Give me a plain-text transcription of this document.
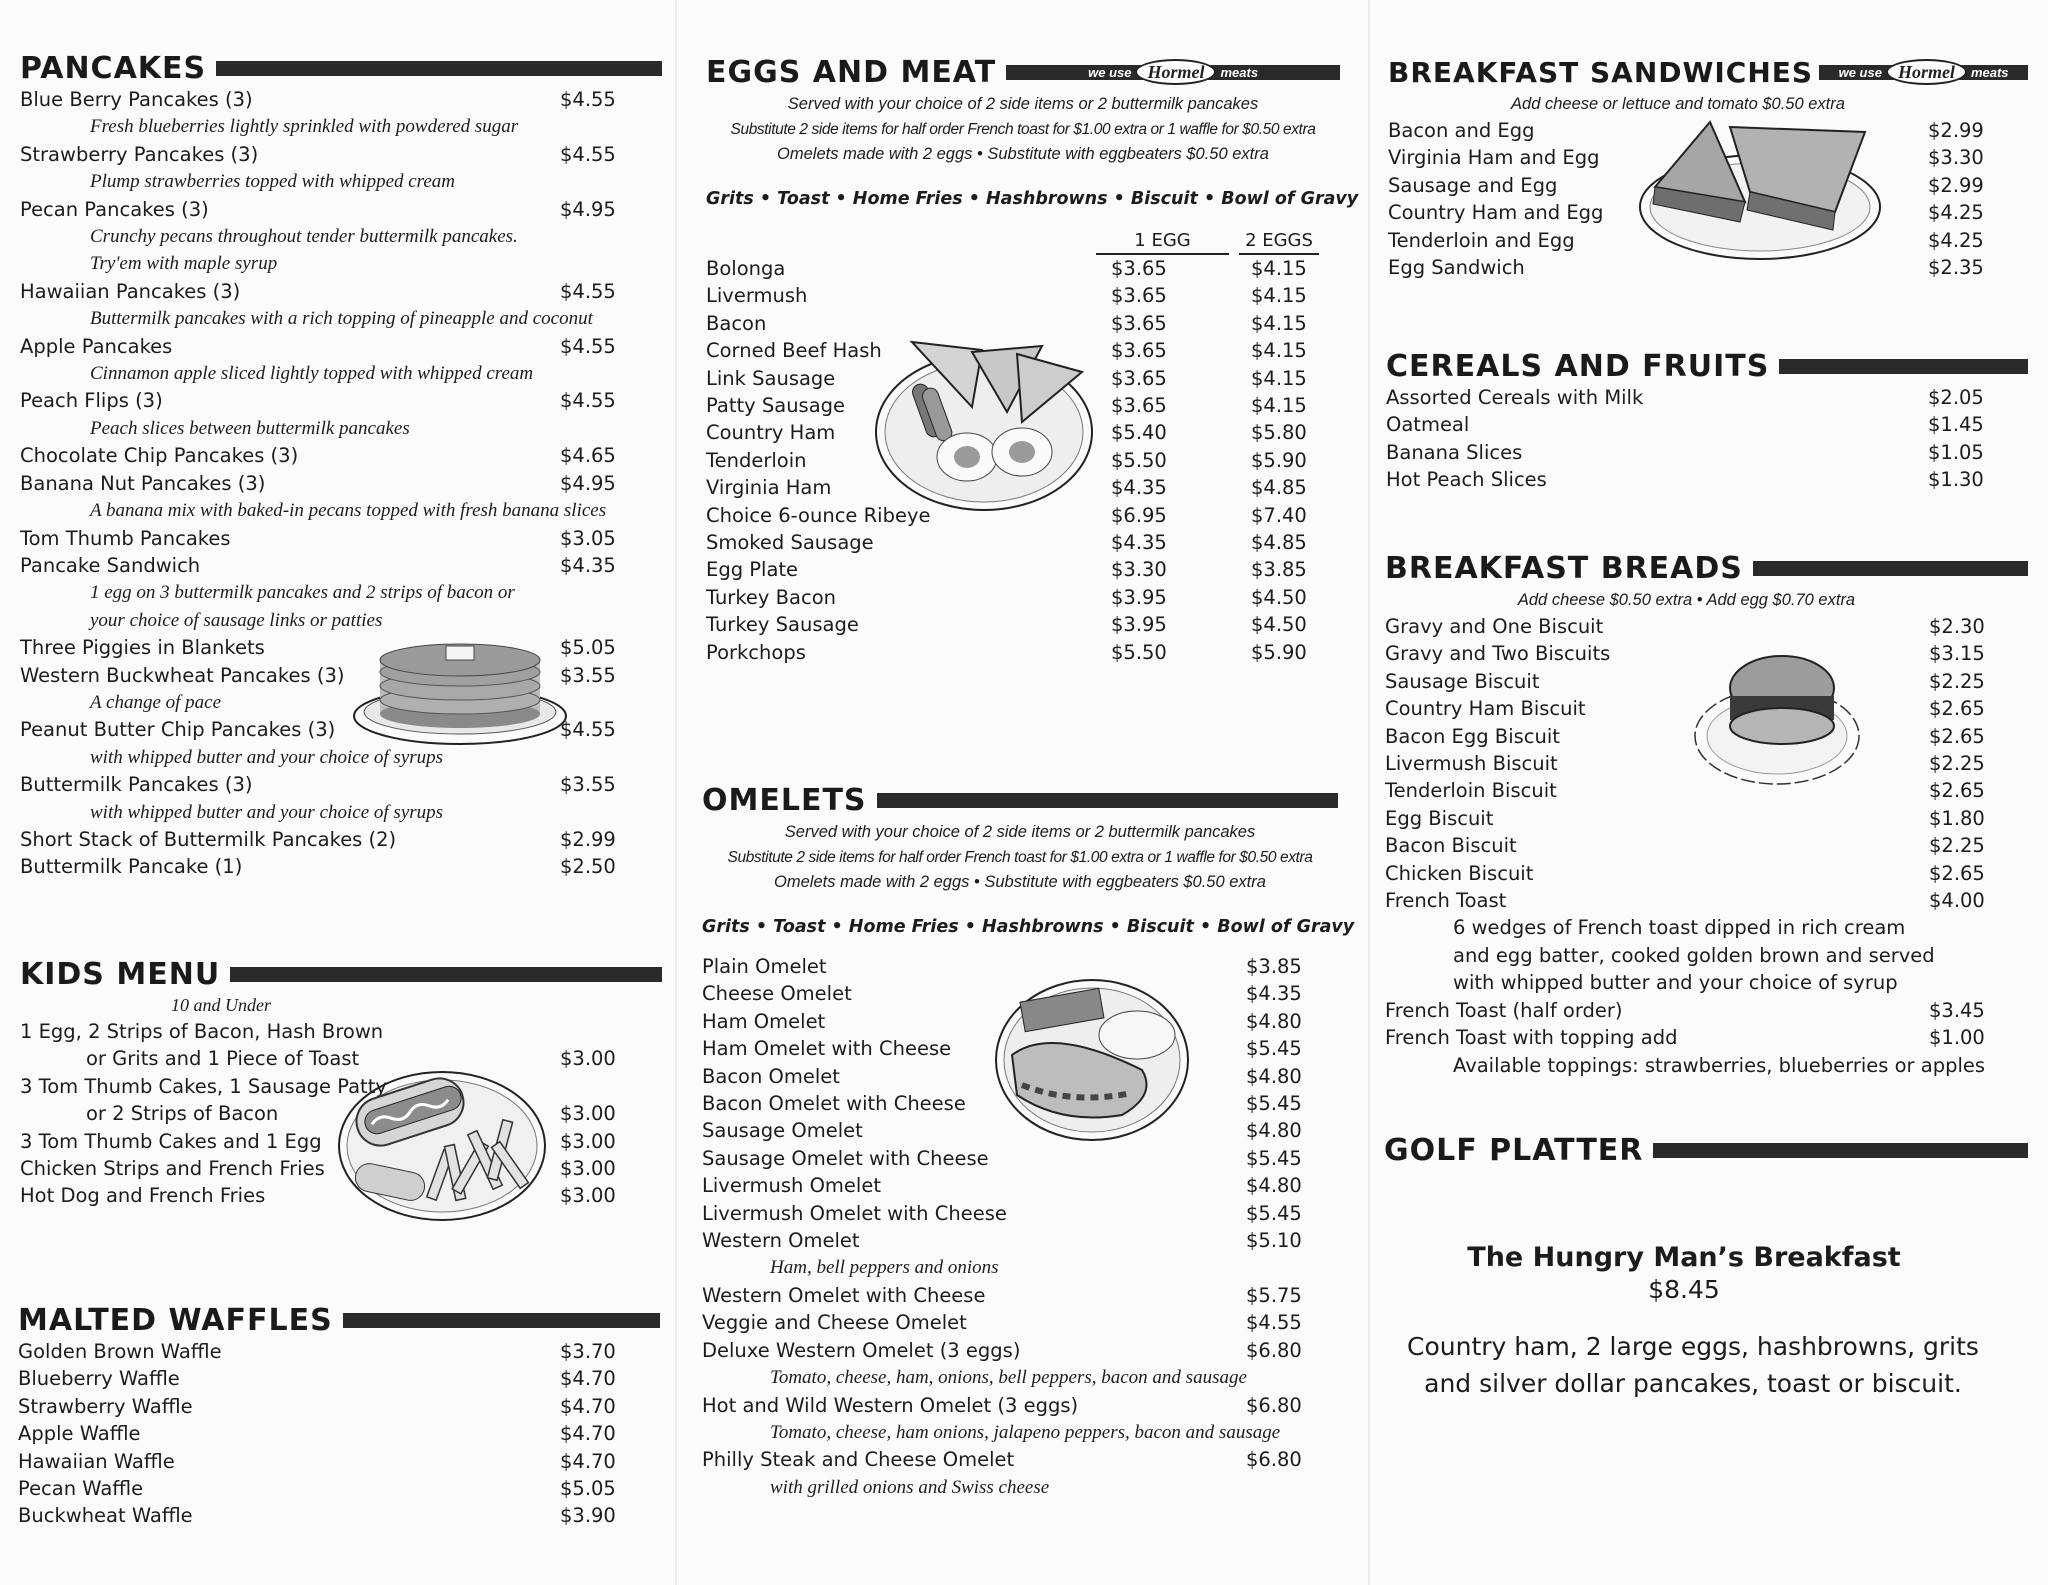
PANCAKES
Blue Berry Pancakes (3)	$4.55
Fresh blueberries lightly sprinkled with powdered sugar
Strawberry Pancakes (3)	$4.55
Plump strawberries topped with whipped cream
Pecan Pancakes (3)	$4.95
Crunchy pecans throughout tender buttermilk pancakes.
Try'em with maple syrup
Hawaiian Pancakes (3)	$4.55
Buttermilk pancakes with a rich topping of pineapple and coconut
Apple Pancakes	$4.55
Cinnamon apple sliced lightly topped with whipped cream
Peach Flips (3)	$4.55
Peach slices between buttermilk pancakes
Chocolate Chip Pancakes (3)	$4.65
Banana Nut Pancakes (3)	$4.95
A banana mix with baked-in pecans topped with fresh banana slices
Tom Thumb Pancakes	$3.05
Pancake Sandwich	$4.35
1 egg on 3 buttermilk pancakes and 2 strips of bacon or
your choice of sausage links or patties
Three Piggies in Blankets	$5.05
Western Buckwheat Pancakes (3)	$3.55
A change of pace
Peanut Butter Chip Pancakes (3)	$4.55
with whipped butter and your choice of syrups
Buttermilk Pancakes (3)	$3.55
with whipped butter and your choice of syrups
Short Stack of Buttermilk Pancakes (2)	$2.99
Buttermilk Pancake (1)	$2.50
KIDS MENU
10 and Under
1 Egg, 2 Strips of Bacon, Hash Brown
or Grits and 1 Piece of Toast	$3.00
3 Tom Thumb Cakes, 1 Sausage Patty
or 2 Strips of Bacon	$3.00
3 Tom Thumb Cakes and 1 Egg	$3.00
Chicken Strips and French Fries	$3.00
Hot Dog and French Fries	$3.00
MALTED WAFFLES
Golden Brown Waffle	$3.70
Blueberry Waffle	$4.70
Strawberry Waffle	$4.70
Apple Waffle	$4.70
Hawaiian Waffle	$4.70
Pecan Waffle	$5.05
Buckwheat Waffle	$3.90
EGGS AND MEAT	we use Hormel	meats
Served with your choice of 2 side items or 2 buttermilk pancakes
Substitute 2 side items for half order French toast for $1.00 extra or 1 waffle for $0.50 extra
Omelets made with 2 eggs • Substitute with eggbeaters $0.50 extra
Grits • Toast • Home Fries • Hashbrowns • Biscuit • Bowl of Gravy
1 EGG	2 EGGS
Bolonga	$3.65	$4.15
Livermush	$3.65	$4.15
Bacon	$3.65	$4.15
Corned Beef Hash	$3.65	$4.15
Link Sausage	$3.65	$4.15
Patty Sausage	$3.65	$4.15
Country Ham	$5.40	$5.80
Tenderloin	$5.50	$5.90
Virginia Ham	$4.35	$4.85
Choice 6-ounce Ribeye	$6.95	$7.40
Smoked Sausage	$4.35	$4.85
Egg Plate	$3.30	$3.85
Turkey Bacon	$3.95	$4.50
Turkey Sausage	$3.95	$4.50
Porkchops	$5.50	$5.90
OMELETS
Served with your choice of 2 side items or 2 buttermilk pancakes
Substitute 2 side items for half order French toast for $1.00 extra or 1 waffle for $0.50 extra
Omelets made with 2 eggs • Substitute with eggbeaters $0.50 extra
Grits • Toast • Home Fries • Hashbrowns • Biscuit • Bowl of Gravy
Plain Omelet	$3.85
Cheese Omelet	$4.35
Ham Omelet	$4.80
Ham Omelet with Cheese	$5.45
Bacon Omelet	$4.80
Bacon Omelet with Cheese	$5.45
Sausage Omelet	$4.80
Sausage Omelet with Cheese	$5.45
Livermush Omelet	$4.80
Livermush Omelet with Cheese	$5.45
Western Omelet	$5.10
Ham, bell peppers and onions
Western Omelet with Cheese	$5.75
Veggie and Cheese Omelet	$4.55
Deluxe Western Omelet (3 eggs)	$6.80
Tomato, cheese, ham, onions, bell peppers, bacon and sausage
Hot and Wild Western Omelet (3 eggs)	$6.80
Tomato, cheese, ham onions, jalapeno peppers, bacon and sausage
Philly Steak and Cheese Omelet	$6.80
with grilled onions and Swiss cheese
BREAKFAST SANDWICHES we use Hormel	meats
Add cheese or lettuce and tomato $0.50 extra
Bacon and Egg	$2.99
Virginia Ham and Egg	$3.30
Sausage and Egg	$2.99
Country Ham and Egg	$4.25
Tenderloin and Egg	$4.25
Egg Sandwich	$2.35
CEREALS AND FRUITS
Assorted Cereals with Milk	$2.05
Oatmeal	$1.45
Banana Slices	$1.05
Hot Peach Slices	$1.30
BREAKFAST BREADS
Add cheese $0.50 extra • Add egg $0.70 extra
Gravy and One Biscuit	$2.30
Gravy and Two Biscuits	$3.15
Sausage Biscuit	$2.25
Country Ham Biscuit	$2.65
Bacon Egg Biscuit	$2.65
Livermush Biscuit	$2.25
Tenderloin Biscuit	$2.65
Egg Biscuit	$1.80
Bacon Biscuit	$2.25
Chicken Biscuit	$2.65
French Toast	$4.00
6 wedges of French toast dipped in rich cream
and egg batter, cooked golden brown and served
with whipped butter and your choice of syrup
French Toast (half order)	$3.45
French Toast with topping add	$1.00
Available toppings: strawberries, blueberries or apples
GOLF PLATTER
The Hungry Man’s Breakfast
$8.45
Country ham, 2 large eggs, hashbrowns, grits
and silver dollar pancakes, toast or biscuit.
